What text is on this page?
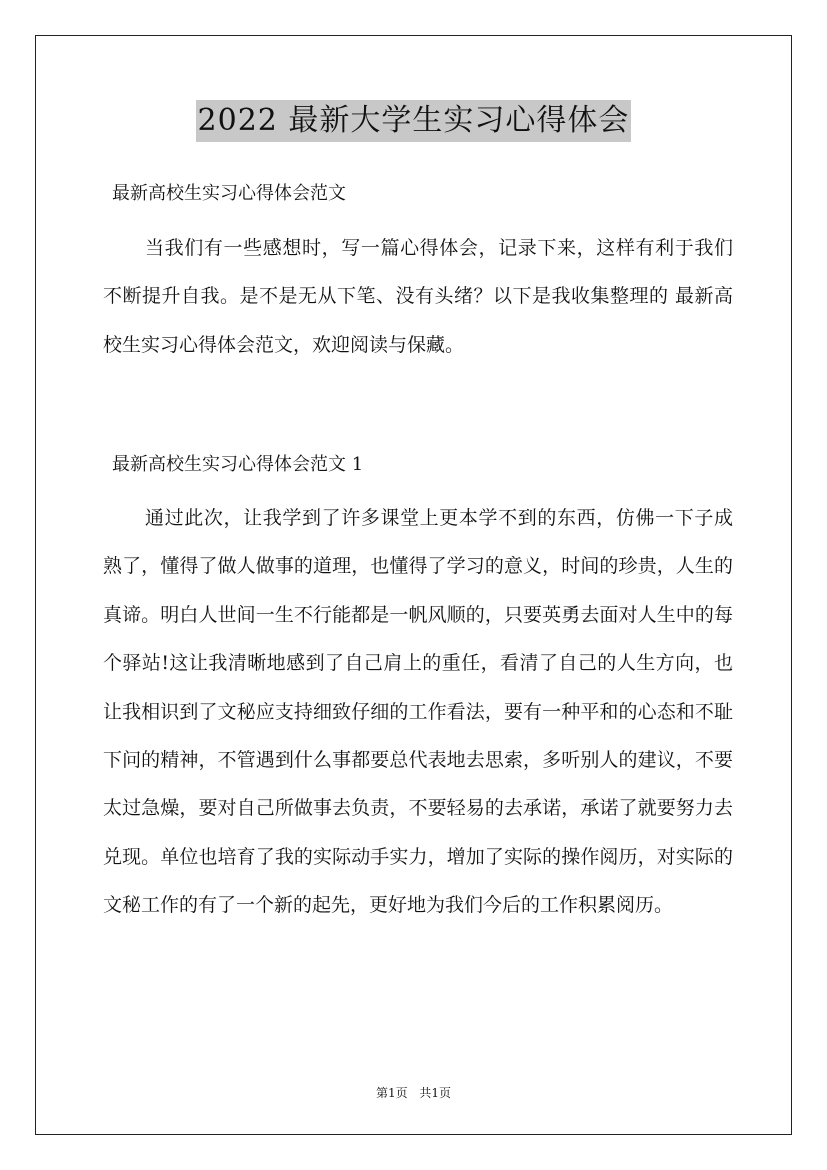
2022 最新大学生实习心得体会
最新高校生实习心得体会范文

当我们有一些感想时，写一篇心得体会，记录下来，这样有利于我们不断提升自我。是不是无从下笔、没有头绪？以下是我收集整理的 最新高校生实习心得体会范文，欢迎阅读与保藏。

最新高校生实习心得体会范文 1

通过此次，让我学到了许多课堂上更本学不到的东西，仿佛一下子成熟了，懂得了做人做事的道理，也懂得了学习的意义，时间的珍贵，人生的真谛。明白人世间一生不行能都是一帆风顺的，只要英勇去面对人生中的每个驿站!这让我清晰地感到了自己肩上的重任，看清了自己的人生方向，也让我相识到了文秘应支持细致仔细的工作看法，要有一种平和的心态和不耻下问的精神，不管遇到什么事都要总代表地去思索，多听别人的建议，不要太过急燥，要对自己所做事去负责，不要轻易的去承诺，承诺了就要努力去兑现。单位也培育了我的实际动手实力，增加了实际的操作阅历，对实际的文秘工作的有了一个新的起先，更好地为我们今后的工作积累阅历。

第1页 共1页
